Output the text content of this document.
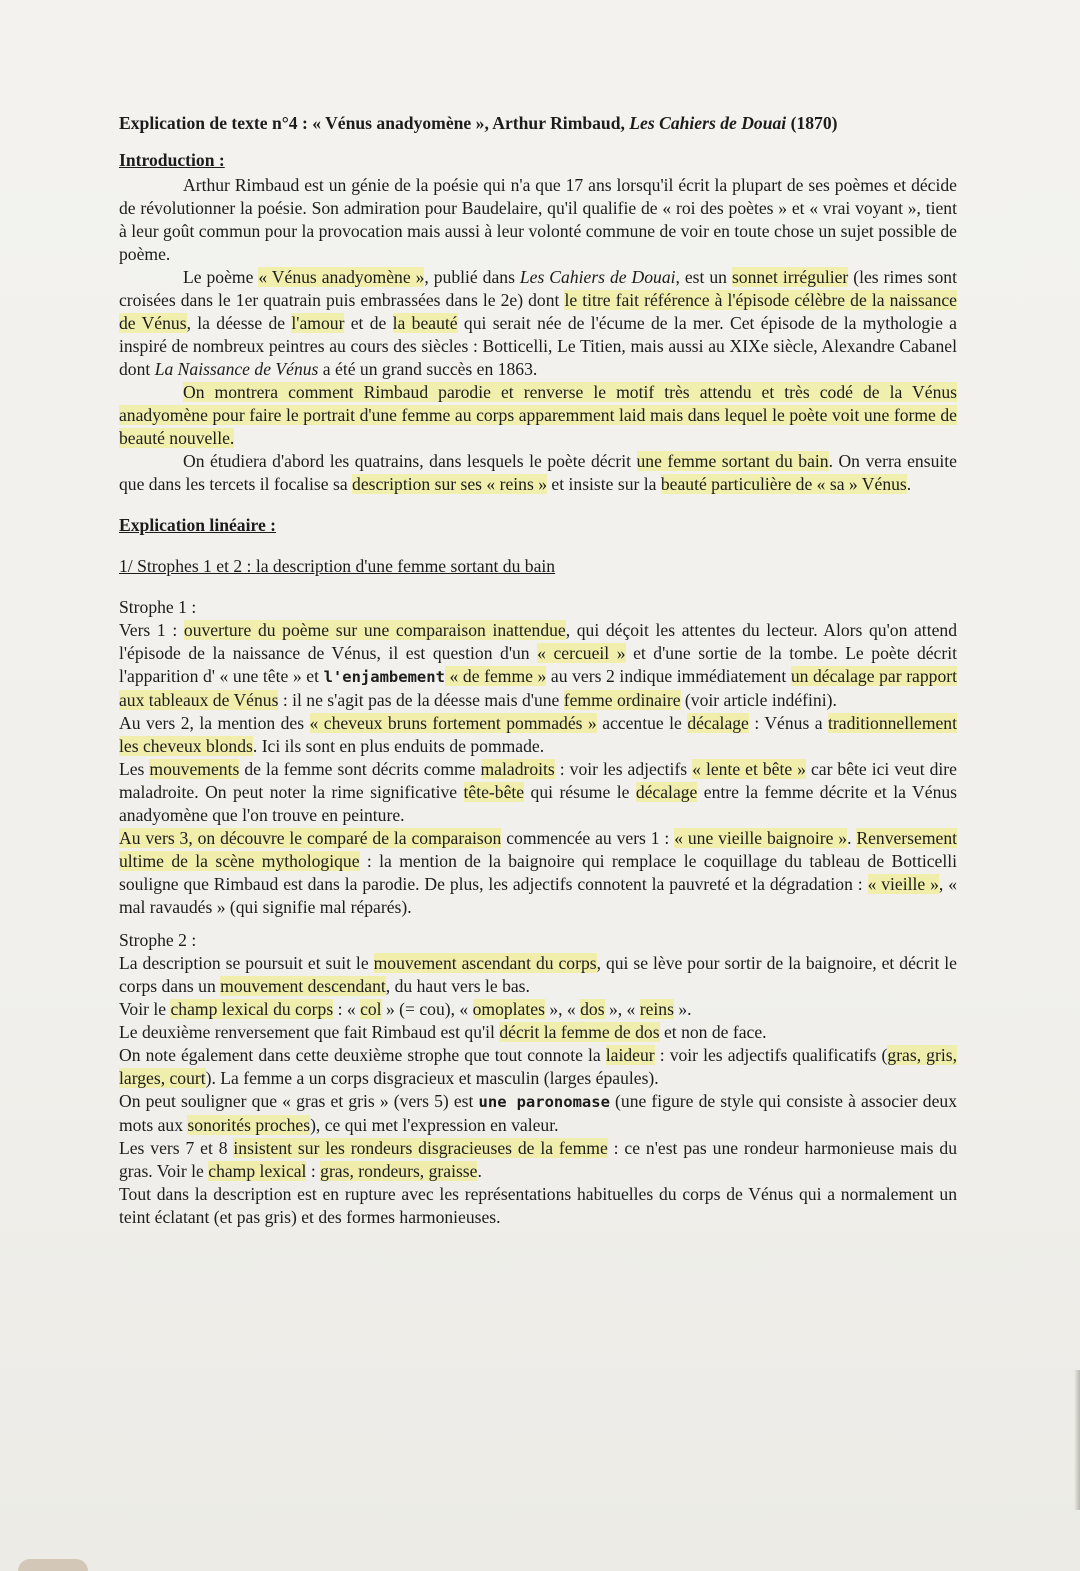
Explication de texte n°4 : « Vénus anadyomène », Arthur Rimbaud, Les Cahiers de Douai (1870)

Introduction :

Arthur Rimbaud est un génie de la poésie qui n'a que 17 ans lorsqu'il écrit la plupart de ses poèmes et décide de révolutionner la poésie. Son admiration pour Baudelaire, qu'il qualifie de « roi des poètes » et « vrai voyant », tient à leur goût commun pour la provocation mais aussi à leur volonté commune de voir en toute chose un sujet possible de poème.

Le poème « Vénus anadyomène », publié dans Les Cahiers de Douai, est un sonnet irrégulier (les rimes sont croisées dans le 1er quatrain puis embrassées dans le 2e) dont le titre fait référence à l'épisode célèbre de la naissance de Vénus, la déesse de l'amour et de la beauté qui serait née de l'écume de la mer. Cet épisode de la mythologie a inspiré de nombreux peintres au cours des siècles : Botticelli, Le Titien, mais aussi au XIXe siècle, Alexandre Cabanel dont La Naissance de Vénus a été un grand succès en 1863.

On montrera comment Rimbaud parodie et renverse le motif très attendu et très codé de la Vénus anadyomène pour faire le portrait d'une femme au corps apparemment laid mais dans lequel le poète voit une forme de beauté nouvelle.

On étudiera d'abord les quatrains, dans lesquels le poète décrit une femme sortant du bain. On verra ensuite que dans les tercets il focalise sa description sur ses « reins » et insiste sur la beauté particulière de « sa » Vénus.

Explication linéaire :

1/ Strophes 1 et 2 : la description d'une femme sortant du bain

Strophe 1 :

Vers 1 : ouverture du poème sur une comparaison inattendue, qui déçoit les attentes du lecteur. Alors qu'on attend l'épisode de la naissance de Vénus, il est question d'un « cercueil » et d'une sortie de la tombe. Le poète décrit l'apparition d' « une tête » et l'enjambement « de femme » au vers 2 indique immédiatement un décalage par rapport aux tableaux de Vénus : il ne s'agit pas de la déesse mais d'une femme ordinaire (voir article indéfini).

Au vers 2, la mention des « cheveux bruns fortement pommadés » accentue le décalage : Vénus a traditionnellement les cheveux blonds. Ici ils sont en plus enduits de pommade.

Les mouvements de la femme sont décrits comme maladroits : voir les adjectifs « lente et bête » car bête ici veut dire maladroite. On peut noter la rime significative tête-bête qui résume le décalage entre la femme décrite et la Vénus anadyomène que l'on trouve en peinture.

Au vers 3, on découvre le comparé de la comparaison commencée au vers 1 : « une vieille baignoire ». Renversement ultime de la scène mythologique : la mention de la baignoire qui remplace le coquillage du tableau de Botticelli souligne que Rimbaud est dans la parodie. De plus, les adjectifs connotent la pauvreté et la dégradation : « vieille », « mal ravaudés » (qui signifie mal réparés).

Strophe 2 :

La description se poursuit et suit le mouvement ascendant du corps, qui se lève pour sortir de la baignoire, et décrit le corps dans un mouvement descendant, du haut vers le bas.

Voir le champ lexical du corps : « col » (= cou), « omoplates », « dos », « reins ».

Le deuxième renversement que fait Rimbaud est qu'il décrit la femme de dos et non de face.

On note également dans cette deuxième strophe que tout connote la laideur : voir les adjectifs qualificatifs (gras, gris, larges, court). La femme a un corps disgracieux et masculin (larges épaules).

On peut souligner que « gras et gris » (vers 5) est une paronomase (une figure de style qui consiste à associer deux mots aux sonorités proches), ce qui met l'expression en valeur.

Les vers 7 et 8 insistent sur les rondeurs disgracieuses de la femme : ce n'est pas une rondeur harmonieuse mais du gras. Voir le champ lexical : gras, rondeurs, graisse.

Tout dans la description est en rupture avec les représentations habituelles du corps de Vénus qui a normalement un teint éclatant (et pas gris) et des formes harmonieuses.
